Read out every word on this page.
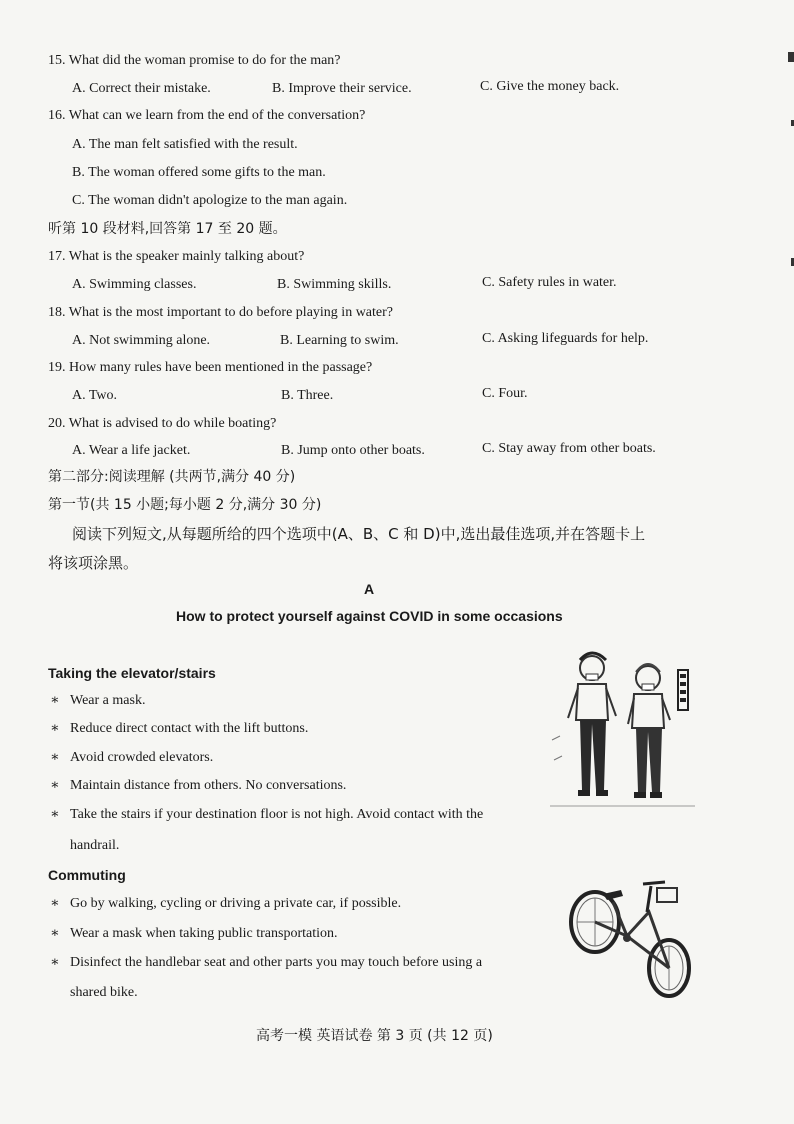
15. What did the woman promise to do for the man?
A. Correct their mistake.	B. Improve their service.	C. Give the money back.
16. What can we learn from the end of the conversation?
A. The man felt satisfied with the result.
B. The woman offered some gifts to the man.
C. The woman didn't apologize to the man again.
听第 10 段材料,回答第 17 至 20 题。
17. What is the speaker mainly talking about?
A. Swimming classes.	B. Swimming skills.	C. Safety rules in water.
18. What is the most important to do before playing in water?
A. Not swimming alone.	B. Learning to swim.	C. Asking lifeguards for help.
19. How many rules have been mentioned in the passage?
A. Two.	B. Three.	C. Four.
20. What is advised to do while boating?
A. Wear a life jacket.	B. Jump onto other boats.	C. Stay away from other boats.
第二部分:阅读理解 (共两节,满分 40 分)
第一节(共 15 小题;每小题 2 分,满分 30 分)
阅读下列短文,从每题所给的四个选项中(A、B、C 和 D)中,选出最佳选项,并在答题卡上
将该项涂黑。
A
How to protect yourself against COVID in some occasions
Taking the elevator/stairs
∗ Wear a mask.
∗ Reduce direct contact with the lift buttons.
∗ Avoid crowded elevators.
∗ Maintain distance from others. No conversations.
∗ Take the stairs if your destination floor is not high. Avoid contact with the
handrail.
Commuting
∗ Go by walking, cycling or driving a private car, if possible.
∗ Wear a mask when taking public transportation.
∗ Disinfect the handlebar seat and other parts you may touch before using a
shared bike.
高考一模 英语试卷 第 3 页 (共 12 页)
